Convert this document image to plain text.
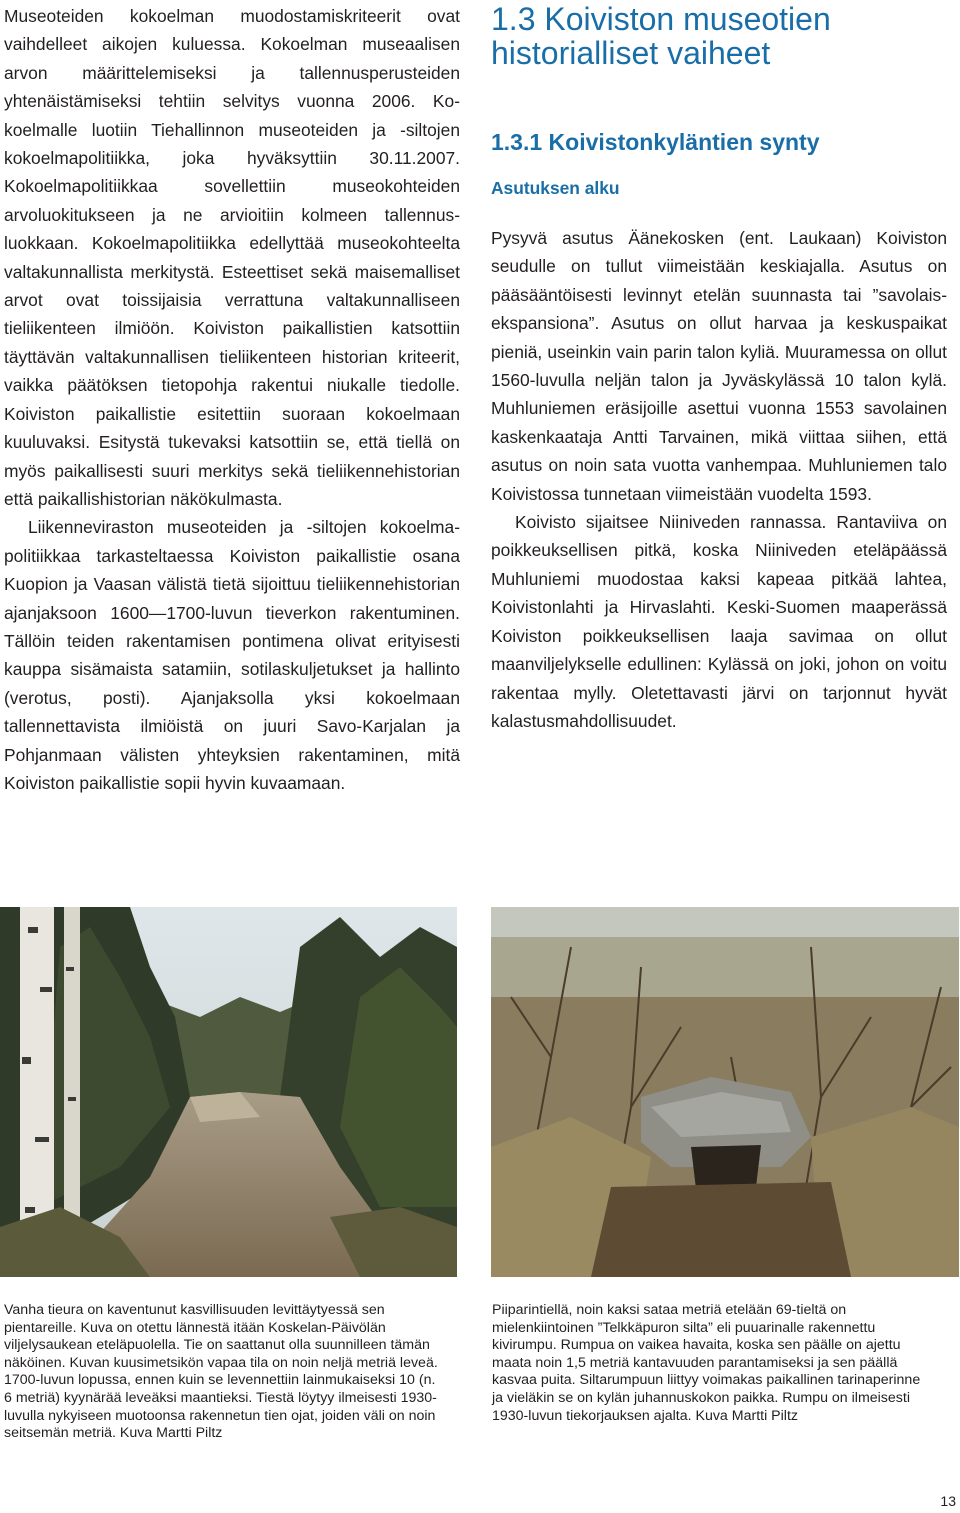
Museoteiden kokoelman muodostamiskriteerit ovat vaihdelleet aikojen kuluessa. Kokoelman museaalisen arvon määrittelemiseksi ja tallennusperusteiden yhtenäistämiseksi tehtiin selvitys vuonna 2006. Kokoelmalle luotiin Tiehallinnon museoteiden ja -siltojen kokoelmapolitiikka, joka hyväksyttiin 30.11.2007. Kokoelmapolitiikkaa sovellettiin museokohteiden arvoluokitukseen ja ne arvioitiin kolmeen tallennusluokkaan. Kokoelmapolitiikka edellyttää museokohteelta valtakunnallista merkitystä. Esteettiset sekä maisemalliset arvot ovat toissijaisia verrattuna valtakunnalliseen tieliikenteen ilmiöön. Koiviston paikallistien katsottiin täyttävän valtakunnallisen tieliikenteen historian kriteerit, vaikka päätöksen tietopohja rakentui niukalle tiedolle. Koiviston paikallistie esitettiin suoraan kokoelmaan kuuluvaksi. Esitystä tukevaksi katsottiin se, että tiellä on myös paikallisesti suuri merkitys sekä tieliikennehistorian että paikallishistorian näkökulmasta.

Liikenneviraston museoteiden ja -siltojen kokoelmapolitiikkaa tarkasteltaessa Koiviston paikallistie osana Kuopion ja Vaasan välistä tietä sijoittuu tieliikennehistorian ajanjaksoon 1600—1700-luvun tieverkon rakentuminen. Tällöin teiden rakentamisen pontimena olivat erityisesti kauppa sisämaista satamiin, sotilaskuljetukset ja hallinto (verotus, posti). Ajanjaksolla yksi kokoelmaan tallennettavista ilmiöistä on juuri Savo-Karjalan ja Pohjanmaan välisten yhteyksien rakentaminen, mitä Koiviston paikallistie sopii hyvin kuvaamaan.

1.3 Koiviston museotien historialliset vaiheet
1.3.1 Koivistonkyläntien synty
Asutuksen alku

Pysyvä asutus Äänekosken (ent. Laukaan) Koiviston seudulle on tullut viimeistään keskiajalla. Asutus on pääsääntöisesti levinnyt etelän suunnasta tai ”savolais-ekspansiona”. Asutus on ollut harvaa ja keskuspaikat pieniä, useinkin vain parin talon kyliä. Muuramessa on ollut 1560-luvulla neljän talon ja Jyväskylässä 10 talon kylä. Muhluniemen eräsijoille asettui vuonna 1553 savolainen kaskenkaataja Antti Tarvainen, mikä viittaa siihen, että asutus on noin sata vuotta vanhempaa. Muhluniemen talo Koivistossa tunnetaan viimeistään vuodelta 1593.

Koivisto sijaitsee Niiniveden rannassa. Rantaviiva on poikkeuksellisen pitkä, koska Niiniveden eteläpäässä Muhluniemi muodostaa kaksi kapeaa pitkää lahtea, Koivistonlahti ja Hirvaslahti. Keski-Suomen maaperässä Koiviston poikkeuksellisen laaja savimaa on ollut maanviljelykselle edullinen: Kylässä on joki, johon on voitu rakentaa mylly. Oletettavasti järvi on tarjonnut hyvät kalastusmahdollisuudet.

Vanha tieura on kaventunut kasvillisuuden levittäytyessä sen pientareille. Kuva on otettu lännestä itään Koskelan-Päivölän viljelysaukean eteläpuolella. Tie on saattanut olla suunnilleen tämän näköinen. Kuvan kuusimetsikön vapaa tila on noin neljä metriä leveä. 1700-luvun lopussa, ennen kuin se levennettiin lainmukaiseksi 10 (n. 6 metriä) kyynärää leveäksi maantieksi. Tiestä löytyy ilmeisesti 1930-luvulla nykyiseen muotoonsa rakennetun tien ojat, joiden väli on noin seitsemän metriä. Kuva Martti Piltz

Piiparintiellä, noin kaksi sataa metriä etelään 69-tieltä on mielenkiintoinen ”Telkkäpuron silta” eli puuarinalle rakennettu kivirumpu. Rumpua on vaikea havaita, koska sen päälle on ajettu maata noin 1,5 metriä kantavuuden parantamiseksi ja sen päällä kasvaa puita. Siltarumpuun liittyy voimakas paikallinen tarinaperinne ja vieläkin se on kylän juhannuskokon paikka. Rumpu on ilmeisesti 1930-luvun tiekorjauksen ajalta. Kuva Martti Piltz

13
